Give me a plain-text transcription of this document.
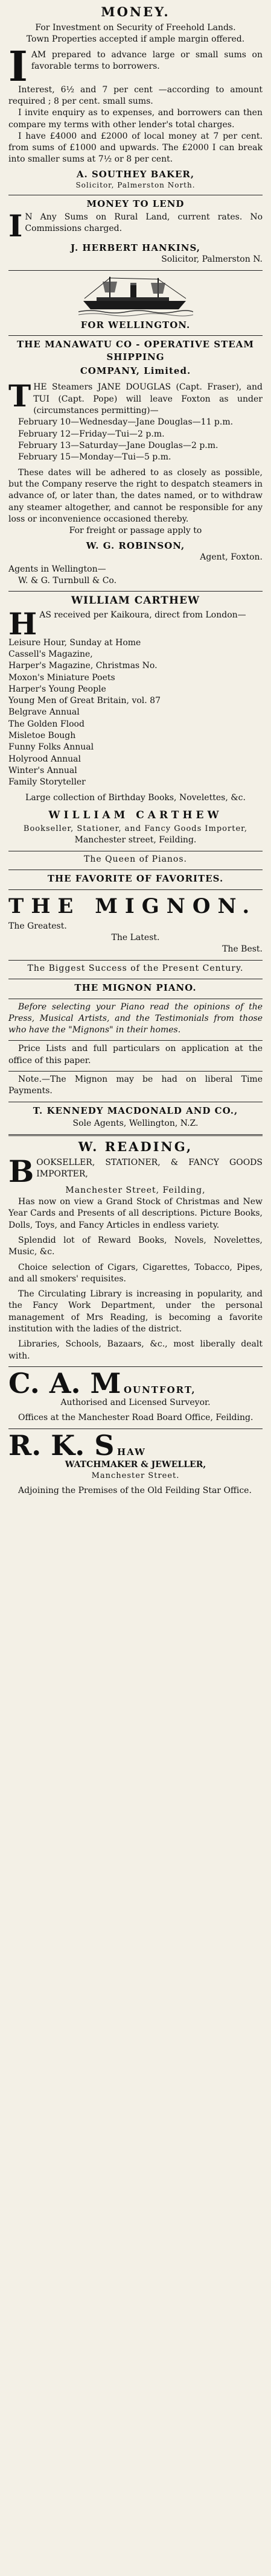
MONEY.

For Investment on Security of Freehold Lands.

Town Properties accepted if ample margin offered.

I AM prepared to advance large or small sums on favorable terms to borrowers.

Interest, 6½ and 7 per cent —according to amount required ; 8 per cent. small sums.

I invite enquiry as to expenses, and borrowers can then compare my terms with other lender's total charges.

I have £4000 and £2000 of local money at 7 per cent. from sums of £1000 and upwards. The £2000 I can break into smaller sums at 7½ or 8 per cent.

A. SOUTHEY BAKER,
Solicitor, Palmerston North.
MONEY TO LEND

I N Any Sums on Rural Land, current rates. No Commissions charged.

J. HERBERT HANKINS,
Solicitor, Palmerston N.
FOR WELLINGTON.
THE MANAWATU CO - OPERATIVE STEAM SHIPPING
COMPANY, Limited.

T HE Steamers JANE DOUGLAS (Capt. Fraser), and TUI (Capt. Pope) will leave Foxton as under (circumstances permitting)—

February 10—Wednesday—Jane Douglas—11 p.m.

February 12—Friday—Tui—2 p.m.

February 13—Saturday—Jane Douglas—2 p.m.

February 15—Monday—Tui—5 p.m.

These dates will be adhered to as closely as possible, but the Company reserve the right to despatch steamers in advance of, or later than, the dates named, or to withdraw any steamer altogether, and cannot be responsible for any loss or inconvenience occasioned thereby.

For freight or passage apply to

W. G. ROBINSON,
Agent, Foxton.

Agents in Wellington—

W. & G. Turnbull & Co.

WILLIAM CARTHEW

H AS received per Kaikoura, direct from London—

Leisure Hour, Sunday at Home

Cassell's Magazine,

Harper's Magazine, Christmas No.

Moxon's Miniature Poets

Harper's Young People

Young Men of Great Britain, vol. 87

Belgrave Annual

The Golden Flood

Misletoe Bough

Funny Folks Annual

Holyrood Annual

Winter's Annual

Family Storyteller

Large collection of Birthday Books, Novelettes, &c.

WILLIAM CARTHEW

Bookseller, Stationer, and Fancy Goods Importer,

Manchester street, Feilding.

The Queen of Pianos.

THE FAVORITE OF FAVORITES.
THE MIGNON.

The Greatest.

The Latest.

The Best.

The Biggest Success of the Present Century.

THE MIGNON PIANO.

Before selecting your Piano read the opinions of the Press, Musical Artists, and the Testimonials from those who have the "Mignons" in their homes.

Price Lists and full particulars on application at the office of this paper.

Note.—The Mignon may be had on liberal Time Payments.

T. KENNEDY MACDONALD AND CO.,

Sole Agents, Wellington, N.Z.

W. READING,

B OOKSELLER, STATIONER, & FANCY GOODS IMPORTER,

Manchester Street, Feilding,

Has now on view a Grand Stock of Christmas and New Year Cards and Presents of all descriptions. Picture Books, Dolls, Toys, and Fancy Articles in endless variety.

Splendid lot of Reward Books, Novels, Novelettes, Music, &c.

Choice selection of Cigars, Cigarettes, Tobacco, Pipes, and all smokers' requisites.

The Circulating Library is increasing in popularity, and the Fancy Work Department, under the personal management of Mrs Reading, is becoming a favorite institution with the ladies of the district.

Libraries, Schools, Bazaars, &c., most liberally dealt with.

C. A. M OUNTFORT,

Authorised and Licensed Surveyor.

Offices at the Manchester Road Board Office, Feilding.

R. K. S HAW

WATCHMAKER & JEWELLER,

Manchester Street.

Adjoining the Premises of the Old Feilding Star Office.
